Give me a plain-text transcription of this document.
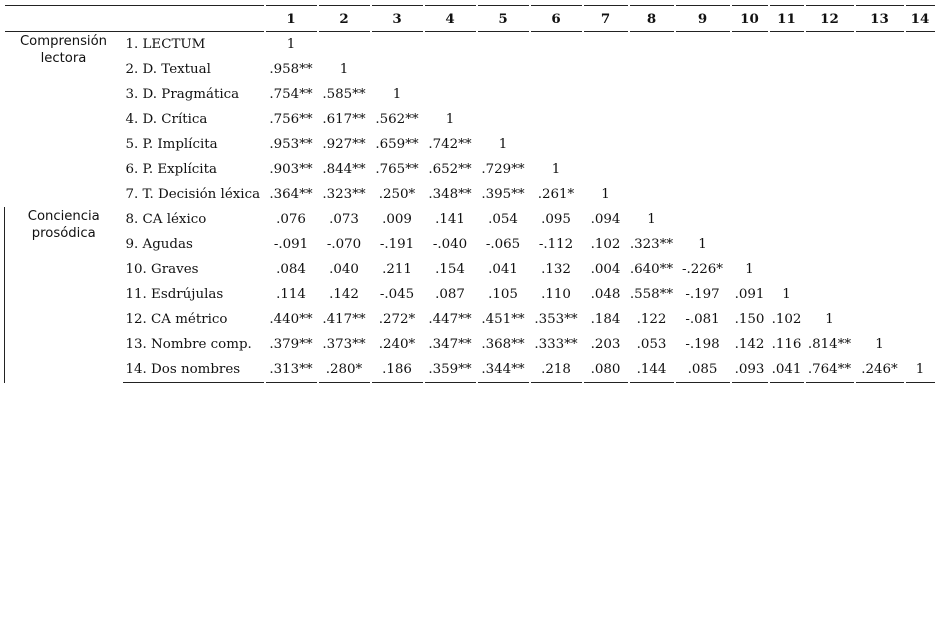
		1	2	3	4	5	6	7	8	9	10	11	12	13	14

Comprensión
lectora	1. LECTUM	1													
	2. D. Textual	.958**	1												
	3. D. Pragmática	.754**	.585**	1											
	4. D. Crítica	.756**	.617**	.562**	1										
	5. P. Implícita	.953**	.927**	.659**	.742**	1									
	6. P. Explícita	.903**	.844**	.765**	.652**	.729**	1								
	7. T. Decisión léxica	.364**	.323**	.250*	.348**	.395**	.261*	1							

Conciencia
prosódica	8. CA léxico	.076	.073	.009	.141	.054	.095	.094	1						
	9. Agudas	-.091	-.070	-.191	-.040	-.065	-.112	.102	.323**	1					
	10. Graves	.084	.040	.211	.154	.041	.132	.004	.640**	-.226*	1				
	11. Esdrújulas	.114	.142	-.045	.087	.105	.110	.048	.558**	-.197	.091	1			
	12. CA métrico	.440**	.417**	.272*	.447**	.451**	.353**	.184	.122	-.081	.150	.102	1		
	13. Nombre comp.	.379**	.373**	.240*	.347**	.368**	.333**	.203	.053	-.198	.142	.116	.814**	1	
	14. Dos nombres	.313**	.280*	.186	.359**	.344**	.218	.080	.144	.085	.093	.041	.764**	.246*	1
